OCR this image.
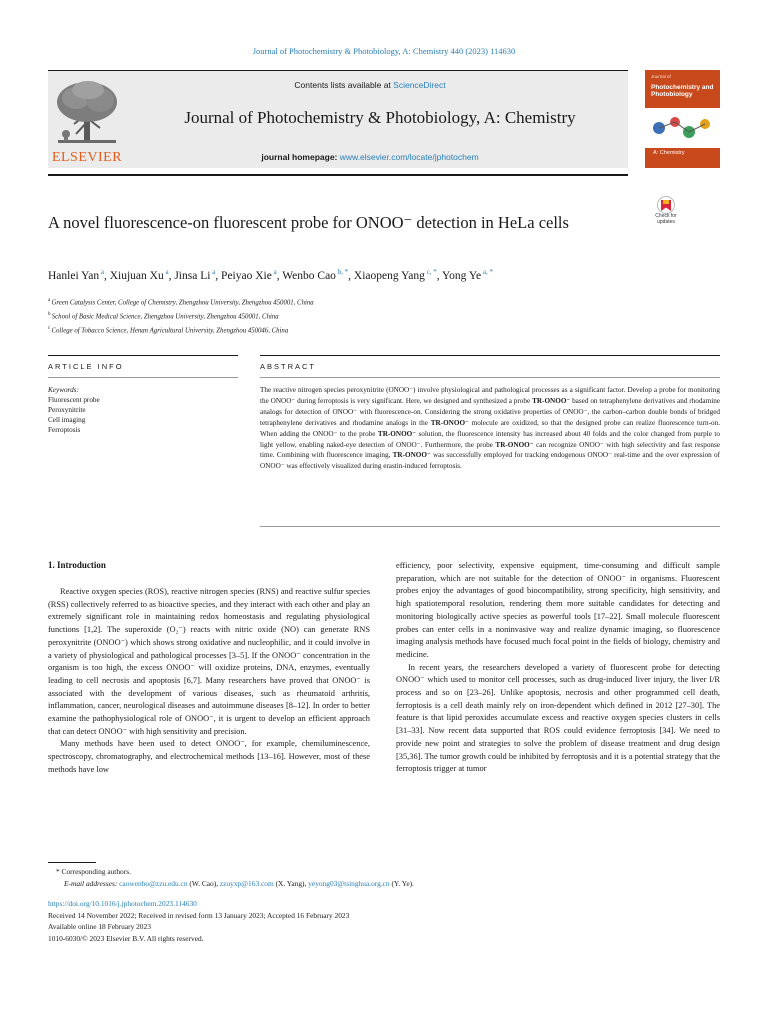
Journal of Photochemistry & Photobiology, A: Chemistry 440 (2023) 114630
ELSEVIER
Contents lists available at ScienceDirect
Journal of Photochemistry & Photobiology, A: Chemistry
journal homepage: www.elsevier.com/locate/jphotochem
Journal of
Photochemistry and Photobiology
A: Chemistry
Check for updates
A novel fluorescence-on fluorescent probe for ONOO⁻ detection in HeLa cells
Hanlei Yan $^a$, Xiujuan Xu $^a$, Jinsa Li $^a$, Peiyao Xie $^a$, Wenbo Cao $^{b, *}$, Xiaopeng Yang $^{c, *}$, Yong Ye $^{a, *}$
$^a$ Green Catalysis Center, College of Chemistry, Zhengzhou University, Zhengzhou 450001, China
$^b$ School of Basic Medical Science, Zhengzhou University, Zhengzhou 450001, China
$^c$ College of Tobacco Science, Henan Agricultural University, Zhengzhou 450046, China
ARTICLE INFO	ABSTRACT
Keywords:
Fluorescent probe
Peroxynitrite
Cell imaging
Ferroptosis
The reactive nitrogen species peroxynitrite (ONOO⁻) involve physiological and pathological processes as a significant factor. Develop a probe for monitoring the ONOO⁻ during ferroptosis is very significant. Here, we designed and synthesized a probe TR-ONOO⁻ based on tetraphenylene derivatives and rhodamine analogs for detection of ONOO⁻ with fluorescence-on. Considering the strong oxidative properties of ONOO⁻, the carbon–carbon double bonds of bridged tetraphenylene derivatives and rhodamine analogs in the TR-ONOO⁻ molecule are oxidized, so that the designed probe can realize fluorescence turn-on. When adding the ONOO⁻ to the probe TR-ONOO⁻ solution, the fluorescence intensity has increased about 40 folds and the color changed from purple to light yellow, enabling naked-eye detection of ONOO⁻. Furthermore, the probe TR-ONOO⁻ can recognize ONOO⁻ with high selectivity and fast response time. Combining with fluorescence imaging, TR-ONOO⁻ was successfully employed for tracking endogenous ONOO⁻ real-time and the over expression of ONOO⁻ was effectively visualized during erastin-induced ferroptosis.
1. Introduction

Reactive oxygen species (ROS), reactive nitrogen species (RNS) and reactive sulfur species (RSS) collectively referred to as bioactive species, and they interact with each other and play an extremely significant role in maintaining redox homeostasis and regulating physiological functions [1,2]. The superoxide (O₂⁻) reacts with nitric oxide (NO) can generate RNS peroxynitrite (ONOO⁻) which shows strong oxidative and nucleophilic, and it could involve in a variety of physiological and pathological processes [3–5]. If the ONOO⁻ concentration in the organism is too high, the excess ONOO⁻ will oxidize proteins, DNA, enzymes, eventually leading to cell necrosis and apoptosis [6,7]. Many researchers have proved that ONOO⁻ is associated with the development of various diseases, such as rheumatoid arthritis, inflammation, cancer, neurological diseases and autoimmune diseases [8–12]. In order to better examine the pathophysiological role of ONOO⁻, it is urgent to develop an efficient approach that can detect ONOO⁻ with high sensitivity and precision.

Many methods have been used to detect ONOO⁻, for example, chemiluminescence, spectroscopy, chromatography, and electrochemical methods [13–16]. However, most of these methods have low

efficiency, poor selectivity, expensive equipment, time-consuming and difficult sample preparation, which are not suitable for the detection of ONOO⁻ in organisms. Fluorescent probes enjoy the advantages of good biocompatibility, strong specificity, high sensitivity, and high spatiotemporal resolution, rendering them more suitable candidates for detecting and monitoring biologically active species as powerful tools [17–22]. Small molecule fluorescent probes can enter cells in a noninvasive way and realize dynamic imaging, so fluorescence imaging analysis methods have focused much focal point in the fields of biology, chemistry and medicine.

In recent years, the researchers developed a variety of fluorescent probe for detecting ONOO⁻ which used to monitor cell processes, such as drug-induced liver injury, the liver I/R process and so on [23–26]. Unlike apoptosis, necrosis and other programmed cell death, ferroptosis is a cell death mainly rely on iron-dependent which defined in 2012 [27–30]. The feature is that lipid peroxides accumulate excess and reactive oxygen species clusters in cells [31–33]. Now recent data supported that ROS could evidence ferroptosis [34]. We need to provide new point and strategies to solve the problem of disease treatment and drug design [35,36]. The tumor growth could be inhibited by ferroptosis and it is a potential strategy that the ferroptosis trigger at tumor

* Corresponding authors.
E-mail addresses: caowenbo@zzu.edu.cn (W. Cao), zzuyxp@163.com (X. Yang), yeyong03@tsinghua.org.cn (Y. Ye).
https://doi.org/10.1016/j.jphotochem.2023.114630
Received 14 November 2022; Received in revised form 13 January 2023; Accepted 16 February 2023
Available online 18 February 2023
1010-6030/© 2023 Elsevier B.V. All rights reserved.
